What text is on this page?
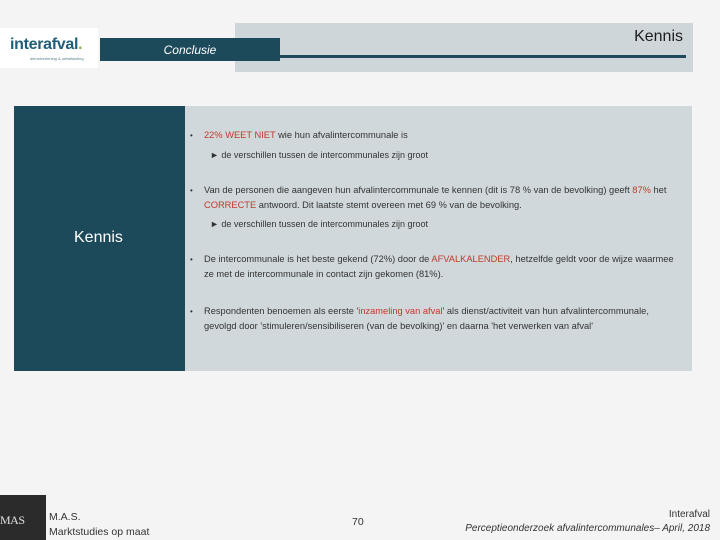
interafval.
dienstverlening & ontwikkeling
Kennis
Conclusie
Kennis
• 22% WEET NIET wie hun afvalintercommunale is
► de verschillen tussen de intercommunales zijn groot
• Van de personen die aangeven hun afvalintercommunale te kennen (dit is 78 % van de bevolking) geeft 87% het CORRECTE antwoord. Dit laatste stemt overeen met 69 % van de bevolking.
► de verschillen tussen de intercommunales zijn groot
• De intercommunale is het beste gekend (72%) door de AFVALKALENDER, hetzelfde geldt voor de wijze waarmee ze met de intercommunale in contact zijn gekomen (81%).
• Respondenten benoemen als eerste 'inzameling van afval' als dienst/activiteit van hun afvalintercommunale, gevolgd door 'stimuleren/sensibiliseren (van de bevolking)' en daarna 'het verwerken van afval'
MAS M.A.S.
Marktstudies op maat
70
Interafval
Perceptieonderzoek afvalintercommunales– April, 2018
